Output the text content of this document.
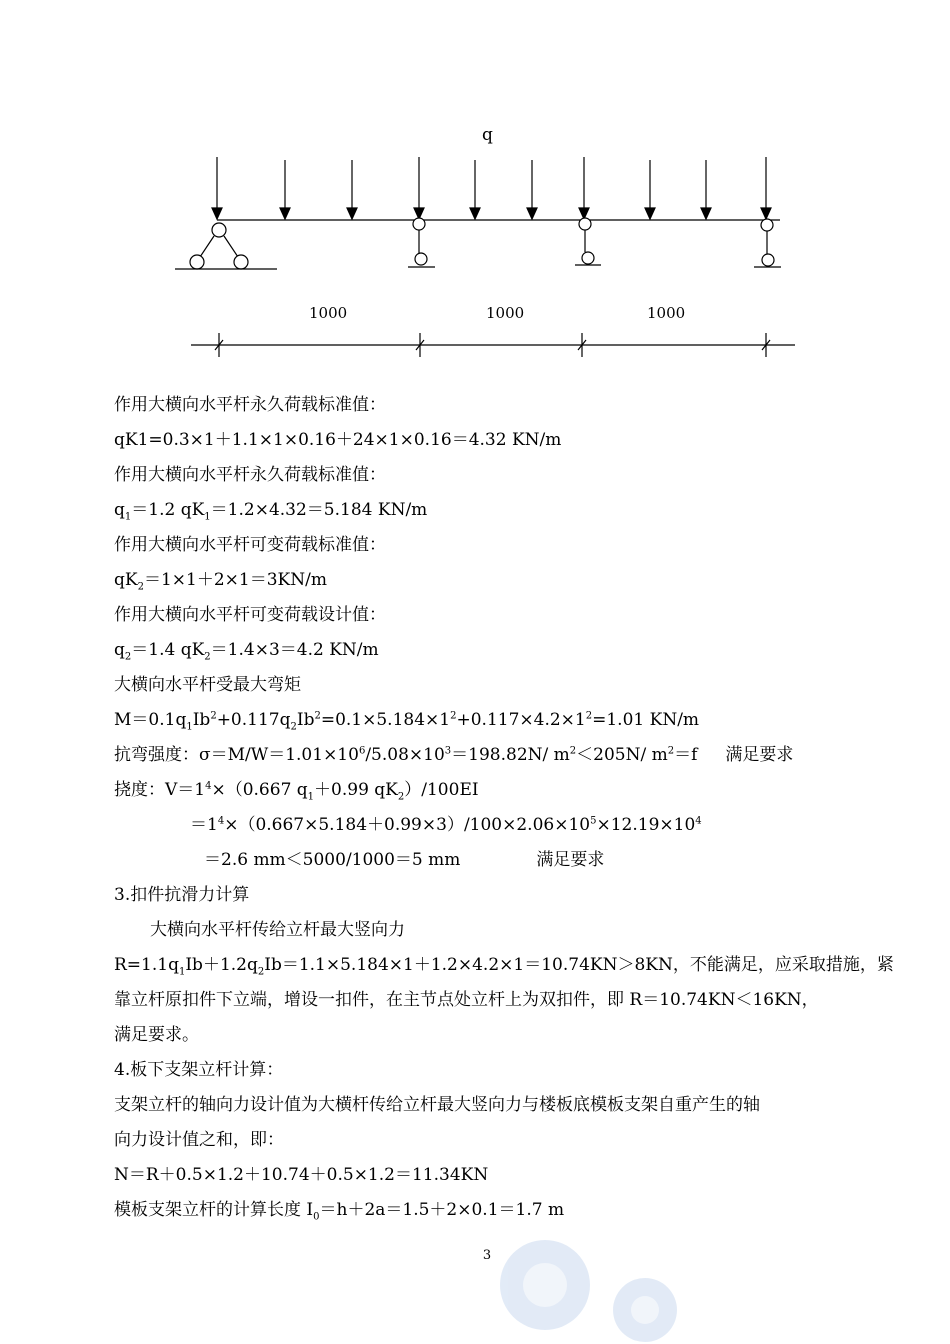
q
1000	1000	1000
作用大横向水平杆永久荷载标准值：
qK1=0.3×1＋1.1×1×0.16＋24×1×0.16＝4.32 KN/m
作用大横向水平杆永久荷载标准值：
$q_1=1.2$ $qK_1=1.2\times 4.32=5.184$ KN/m
作用大横向水平杆可变荷载标准值：
$qK_2=1\times 1+2\times 1=3KN/m$
作用大横向水平杆可变荷载设计值：
$q_2=1.4$ $qK_2=1.4\times 3=4.2$ KN/m
大横向水平杆受最大弯矩
$M=0.1q_1Ib^2+0.117q_2Ib^2=0.1\times 5.184\times 1^2+0.117\times 4.2\times 1^2=1.01$ KN/m
抗弯强度：$\sigma=M/W=1.01\times 10^6/5.08\times 10^3=198.82N/$ $m^2<205N/$ $m^2=f$ 满足要求
挠度：$V=1^4\times(0.667$ $q_1+0.99$ $qK_2)/100EI$
$=1^4\times(0.667\times 5.184+0.99\times 3)/100\times 2.06\times 10^5\times 12.19\times 10^4$
＝2.6 mm＜5000/1000＝5 mm	满足要求
3.扣件抗滑力计算
大横向水平杆传给立杆最大竖向力
$R=1.1q_1Ib+1.2q_2Ib=1.1\times 5.184\times 1+1.2\times 4.2\times 1=10.74KN>8KN$，不能满足，应采取措施，紧
靠立杆原扣件下立端，增设一扣件，在主节点处立杆上为双扣件，即 R＝10.74KN＜16KN，
满足要求。
4.板下支架立杆计算：
支架立杆的轴向力设计值为大横杆传给立杆最大竖向力与楼板底模板支架自重产生的轴
向力设计值之和，即：
N＝R＋0.5×1.2＋10.74＋0.5×1.2＝11.34KN
模板支架立杆的计算长度 $I_0=h+2a=1.5+2\times 0.1=1.7$ m
3
